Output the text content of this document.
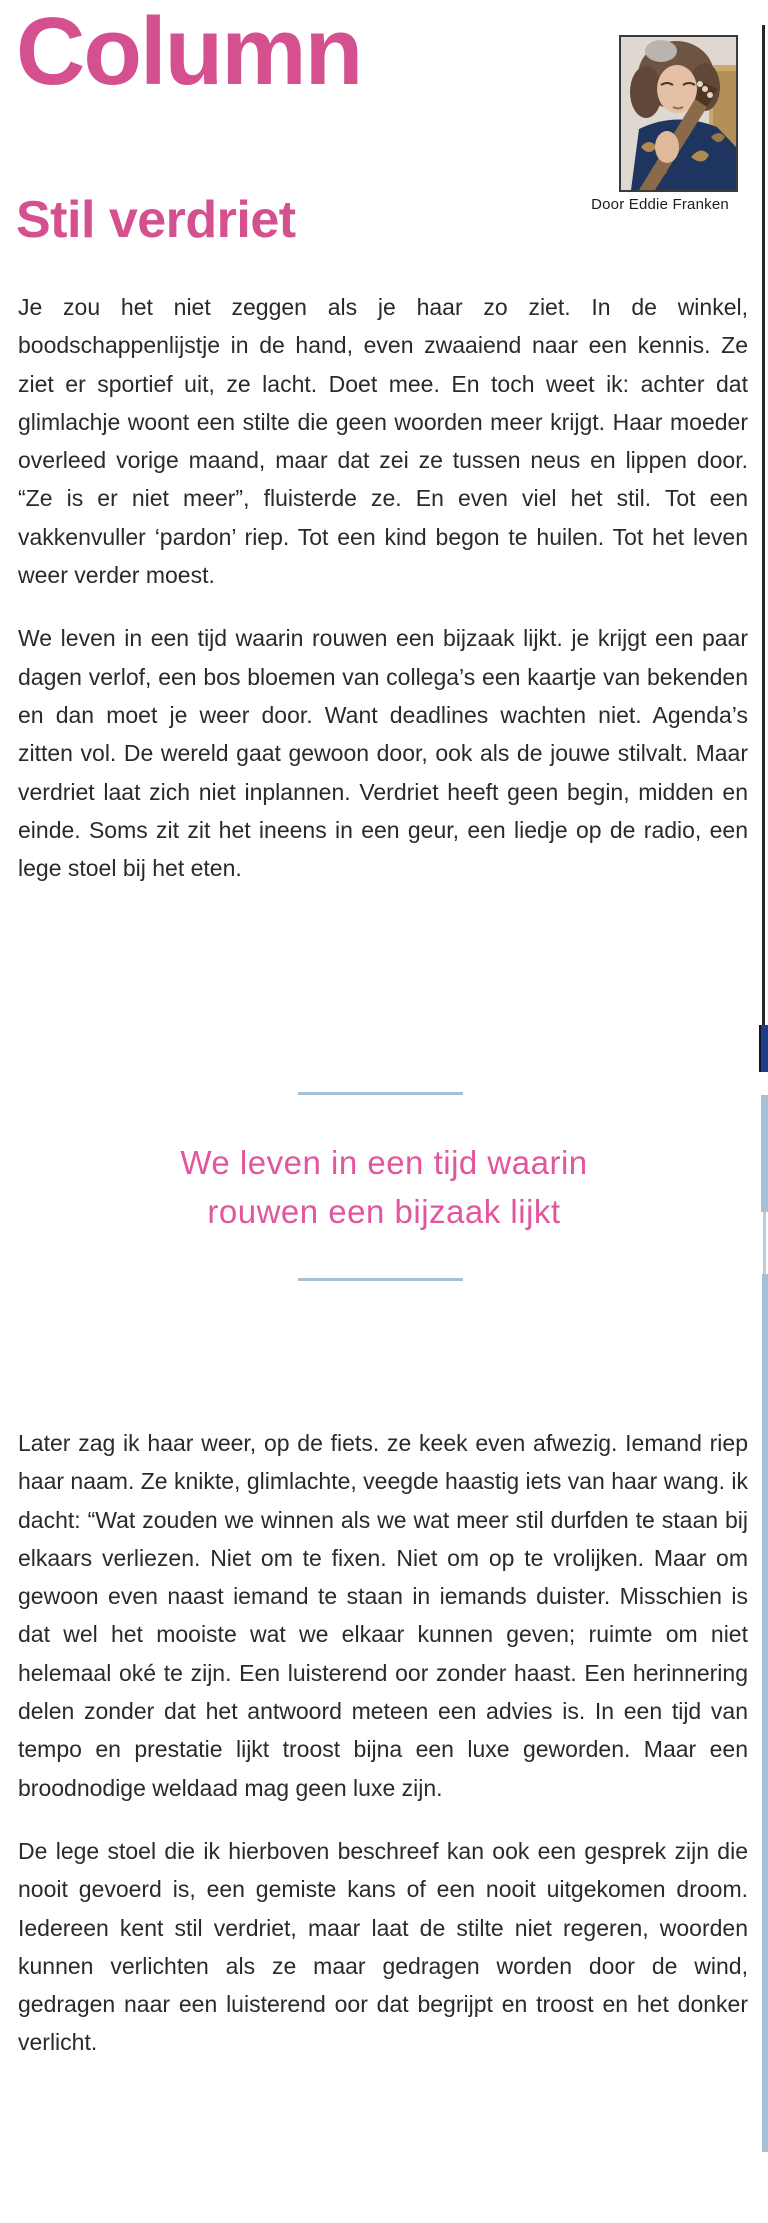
Column
Door Eddie Franken
Stil verdriet

Je zou het niet zeggen als je haar zo ziet. In de winkel, boodschappenlijstje in de hand, even zwaaiend naar een kennis. Ze ziet er sportief uit, ze lacht. Doet mee. En toch weet ik: achter dat glimlachje woont een stilte die geen woorden meer krijgt. Haar moeder overleed vorige maand, maar dat zei ze tussen neus en lippen door. “Ze is er niet meer”, fluisterde ze. En even viel het stil. Tot een vakkenvuller ‘pardon’ riep. Tot een kind begon te huilen. Tot het leven weer verder moest.

We leven in een tijd waarin rouwen een bijzaak lijkt. je krijgt een paar dagen verlof, een bos bloemen van collega’s een kaartje van bekenden en dan moet je weer door. Want deadlines wachten niet. Agenda’s zitten vol. De wereld gaat gewoon door, ook als de jouwe stilvalt. Maar verdriet laat zich niet inplannen. Verdriet heeft geen begin, midden en einde. Soms zit zit het ineens in een geur, een liedje op de radio, een lege stoel bij het eten.

We leven in een tijd waarin rouwen een bijzaak lijkt

Later zag ik haar weer, op de fiets. ze keek even afwezig. Iemand riep haar naam. Ze knikte, glimlachte, veegde haastig iets van haar wang. ik dacht: “Wat zouden we winnen als we wat meer stil durfden te staan bij elkaars verliezen. Niet om te fixen. Niet om op te vrolijken. Maar om gewoon even naast iemand te staan in iemands duister. Misschien is dat wel het mooiste wat we elkaar kunnen geven; ruimte om niet helemaal oké te zijn. Een luisterend oor zonder haast. Een herinnering delen zonder dat het antwoord meteen een advies is. In een tijd van tempo en prestatie lijkt troost bijna een luxe geworden. Maar een broodnodige weldaad mag geen luxe zijn.

De lege stoel die ik hierboven beschreef kan ook een gesprek zijn die nooit gevoerd is, een gemiste kans of een nooit uitgekomen droom. Iedereen kent stil verdriet, maar laat de stilte niet regeren, woorden kunnen verlichten als ze maar gedragen worden door de wind, gedragen naar een luisterend oor dat begrijpt en troost en het donker verlicht.
